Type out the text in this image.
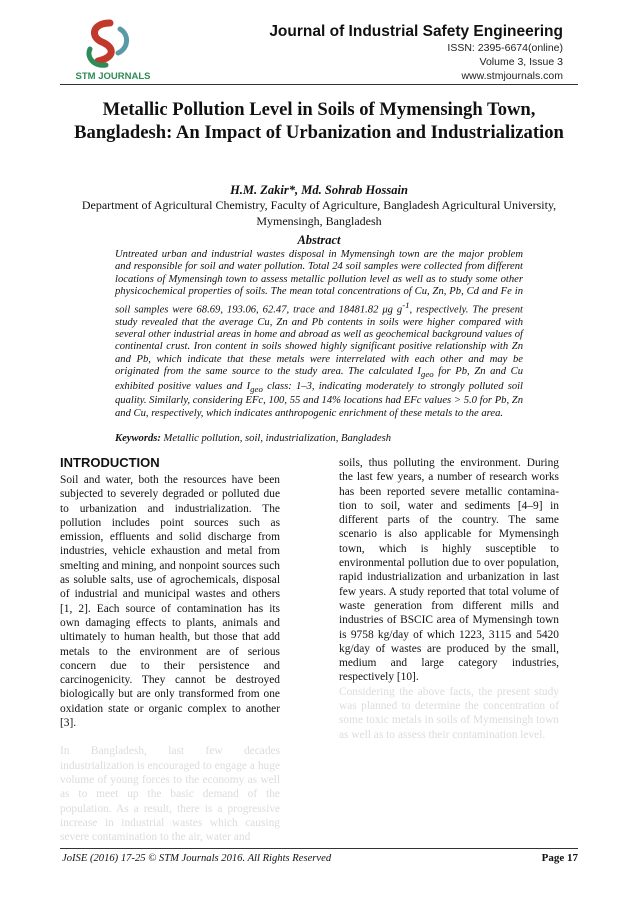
STM JOURNALS
Journal of Industrial Safety Engineering
ISSN: 2395-6674(online)
Volume 3, Issue 3
www.stmjournals.com
Metallic Pollution Level in Soils of Mymensingh Town, Bangladesh: An Impact of Urbanization and Industrialization
H.M. Zakir*, Md. Sohrab Hossain
Department of Agricultural Chemistry, Faculty of Agriculture, Bangladesh Agricultural University, Mymensingh, Bangladesh
Abstract
Untreated urban and industrial wastes disposal in Mymensingh town are the major problem and responsible for soil and water pollution. Total 24 soil samples were collected from different locations of Mymensingh town to assess metallic pollution level as well as to study some other physicochemical properties of soils. The mean total concentrations of Cu, Zn, Pb, Cd and Fe in soil samples were 68.69, 193.06, 62.47, trace and 18481.82 μg $g^{-1}$, respectively. The present study revealed that the average Cu, Zn and Pb contents in soils were higher compared with several other industrial areas in home and abroad as well as geochemical background values of continental crust. Iron content in soils showed highly significant positive relationship with Zn and Pb, which indicate that these metals were interrelated with each other and may be originated from the same source to the study area. The calculated $I_{geo}$ for Pb, Zn and Cu exhibited positive values and $I_{geo}$ class: 1–3, indicating moderately to strongly polluted soil quality. Similarly, considering EFc, 100, 55 and 14% locations had EFc values > 5.0 for Pb, Zn and Cu, respectively, which indicates anthropogenic enrichment of these metals to the area.
Keywords: Metallic pollution, soil, industrialization, Bangladesh
INTRODUCTION

Soil and water, both the resources have been subjected to severely degraded or polluted due to urbanization and industrialization. The pollution includes point sources such as emission, effluents and solid discharge from industries, vehicle exhaustion and metal from smelting and mining, and nonpoint sources such as soluble salts, use of agrochemicals, disposal of industrial and municipal wastes and others [1, 2]. Each source of contamination has its own damaging effects to plants, animals and ultimately to human health, but those that add metals to the environment are of serious concern due to their persistence and carcinogenicity. They cannot be destroyed biologically but are only transformed from one oxidation state or organic complex to another [3].

In Bangladesh, last few decades industrialization is encouraged to engage a huge volume of young forces to the economy as well as to meet up the basic demand of the population. As a result, there is a progressive increase in industrial wastes which causing severe contamination to the air, water and

soils, thus polluting the environment. During the last few years, a number of research works has been reported severe metallic contamina- tion to soil, water and sediments [4–9] in different parts of the country. The same scenario is also applicable for Mymensingh town, which is highly susceptible to environmental pollution due to over population, rapid industrialization and urbanization in last few years. A study reported that total volume of waste generation from different mills and industries of BSCIC area of Mymensingh town is 9758 kg/day of which 1223, 3115 and 5420 kg/day of wastes are produced by the small, medium and large category industries, respectively [10].

Considering the above facts, the present study was planned to determine the concentration of some toxic metals in soils of Mymensingh town as well as to assess their contamination level.

JoISE (2016) 17-25 © STM Journals 2016. All Rights Reserved	Page 17
